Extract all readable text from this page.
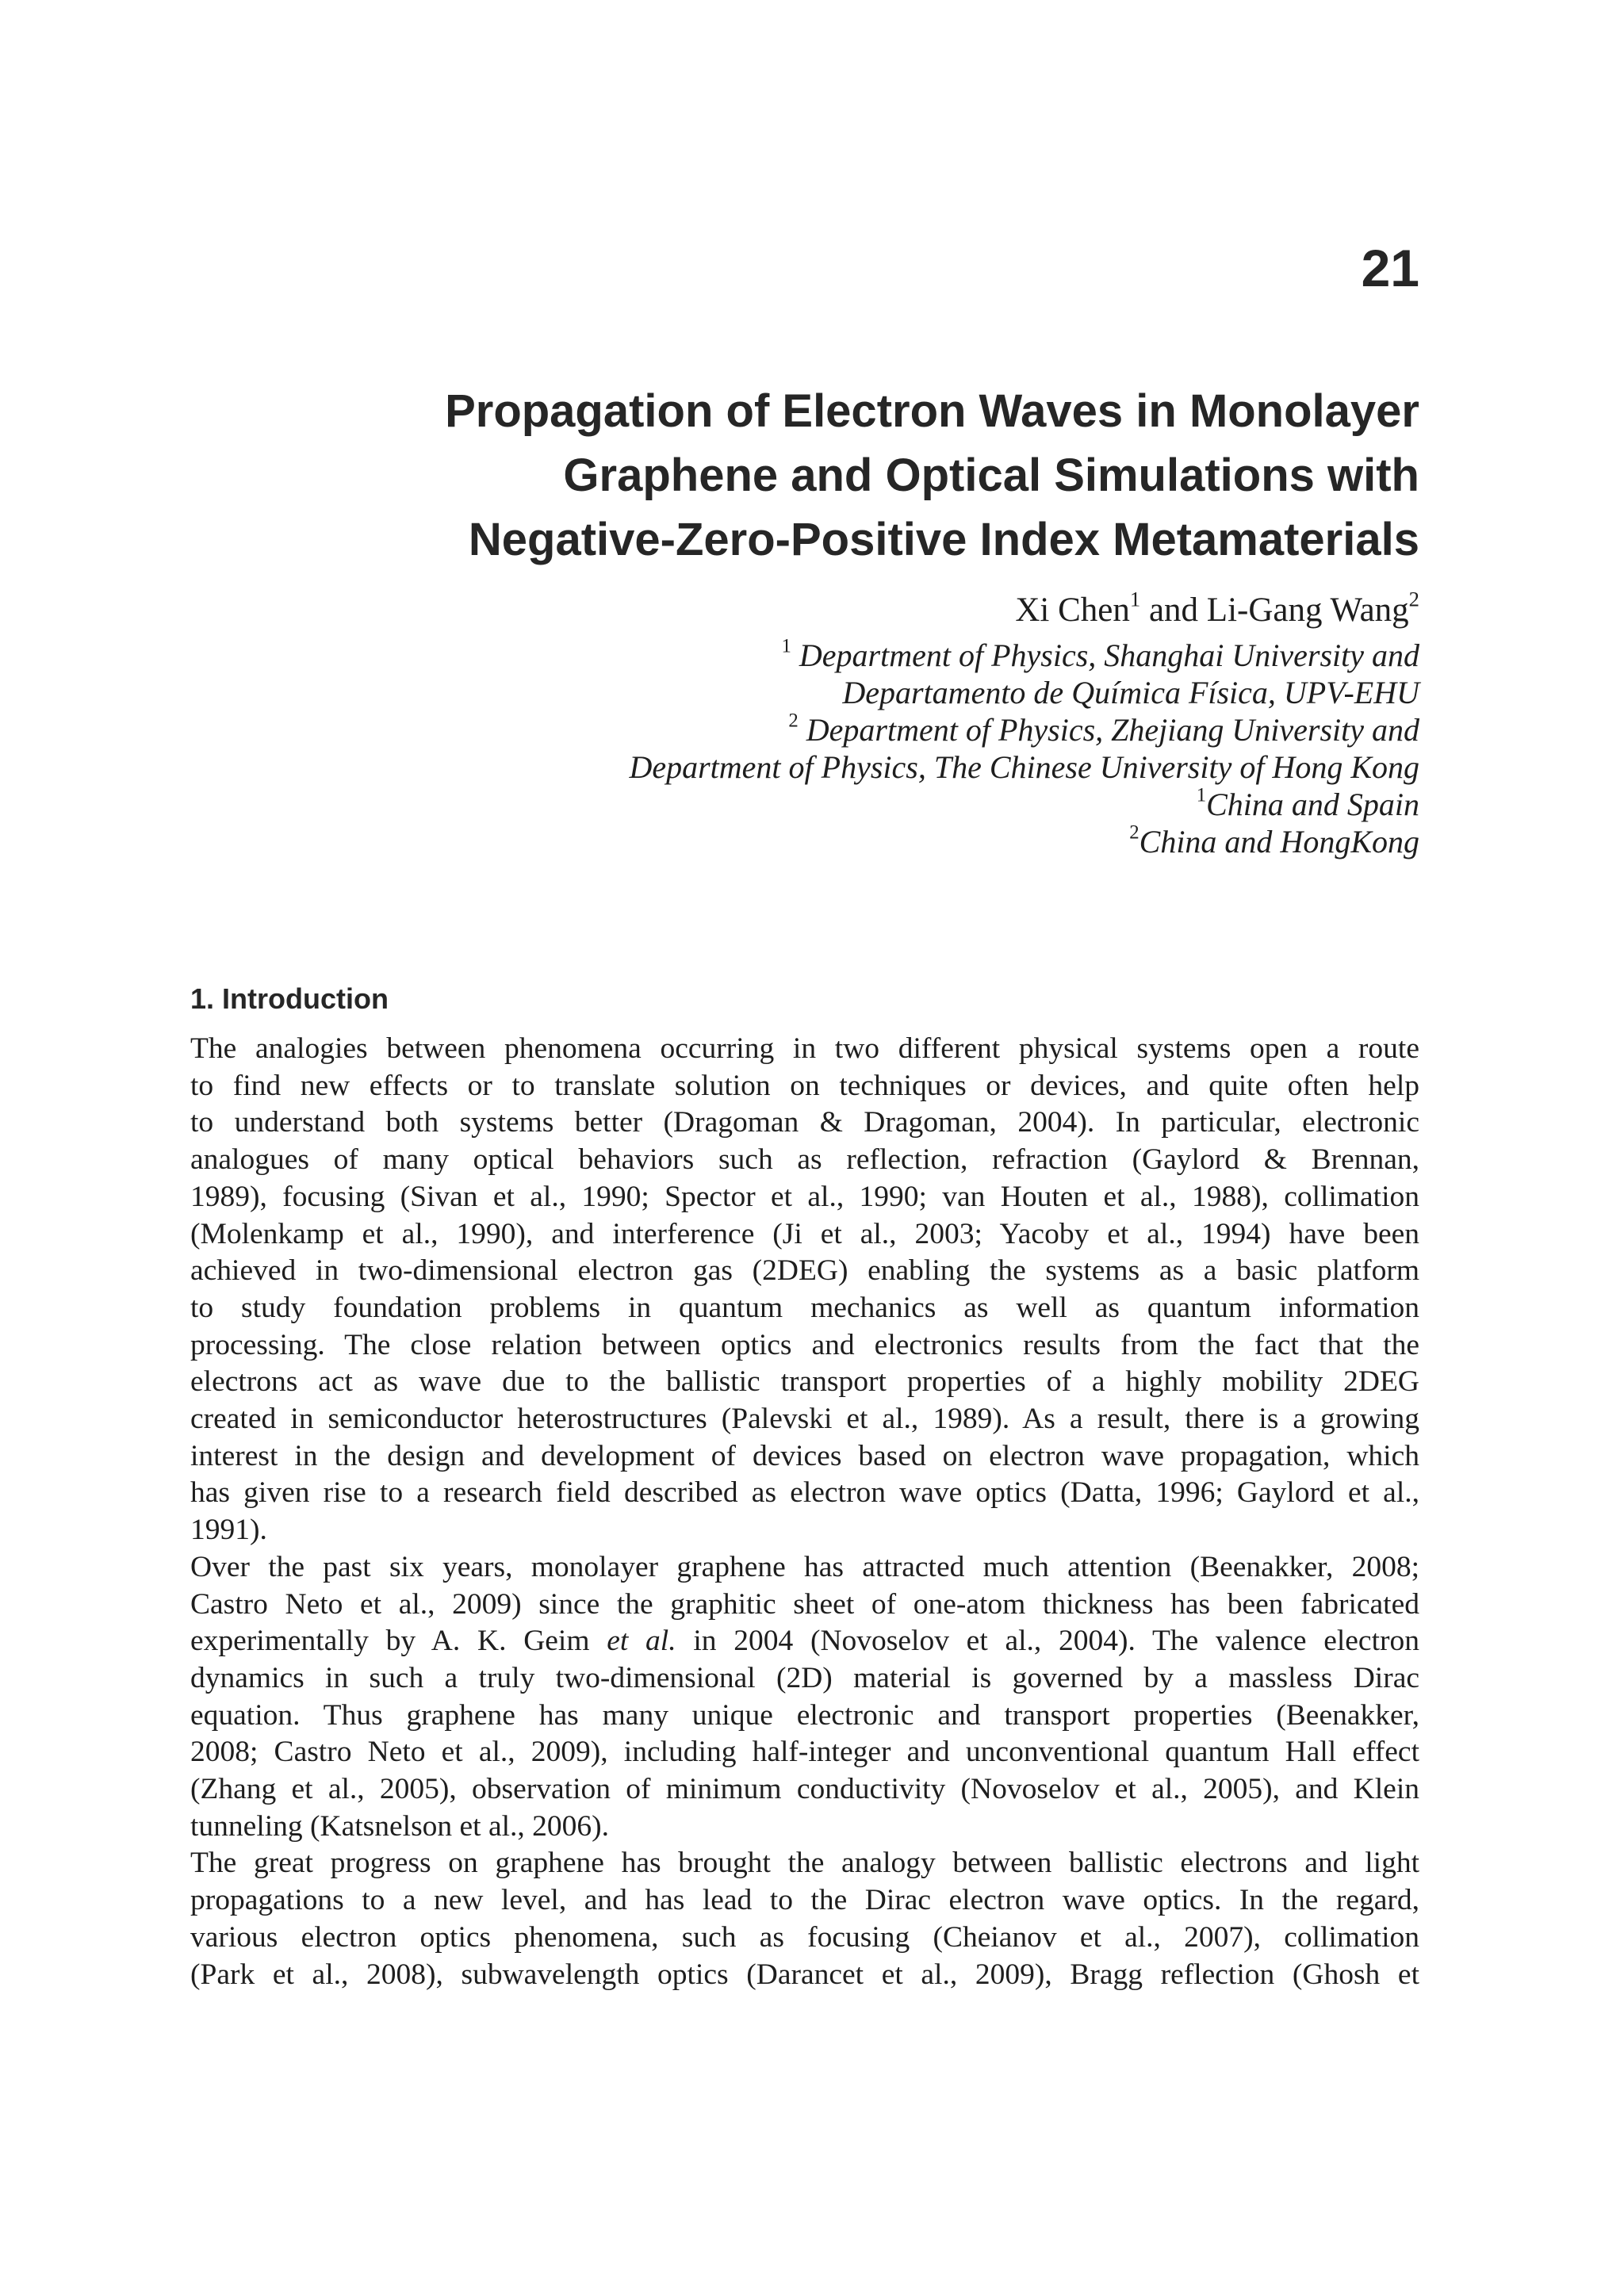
21
Propagation of Electron Waves in Monolayer
Graphene and Optical Simulations with
Negative-Zero-Positive Index Metamaterials
Xi Chen$^1$ and Li-Gang Wang$^2$
$^1$ Department of Physics, Shanghai University and
Departamento de Química Física, UPV-EHU
$^2$ Department of Physics, Zhejiang University and
Department of Physics, The Chinese University of Hong Kong
$^1$China and Spain
$^2$China and HongKong
1. Introduction
The analogies between phenomena occurring in two different physical systems open a route
to find new effects or to translate solution on techniques or devices, and quite often help
to understand both systems better (Dragoman & Dragoman, 2004). In particular, electronic
analogues of many optical behaviors such as reflection, refraction (Gaylord & Brennan,
1989), focusing (Sivan et al., 1990; Spector et al., 1990; van Houten et al., 1988), collimation
(Molenkamp et al., 1990), and interference (Ji et al., 2003; Yacoby et al., 1994) have been
achieved in two-dimensional electron gas (2DEG) enabling the systems as a basic platform
to study foundation problems in quantum mechanics as well as quantum information
processing. The close relation between optics and electronics results from the fact that the
electrons act as wave due to the ballistic transport properties of a highly mobility 2DEG
created in semiconductor heterostructures (Palevski et al., 1989). As a result, there is a growing
interest in the design and development of devices based on electron wave propagation, which
has given rise to a research field described as electron wave optics (Datta, 1996; Gaylord et al.,
1991).
Over the past six years, monolayer graphene has attracted much attention (Beenakker, 2008;
Castro Neto et al., 2009) since the graphitic sheet of one-atom thickness has been fabricated
experimentally by A. K. Geim et al. in 2004 (Novoselov et al., 2004). The valence electron
dynamics in such a truly two-dimensional (2D) material is governed by a massless Dirac
equation. Thus graphene has many unique electronic and transport properties (Beenakker,
2008; Castro Neto et al., 2009), including half-integer and unconventional quantum Hall effect
(Zhang et al., 2005), observation of minimum conductivity (Novoselov et al., 2005), and Klein
tunneling (Katsnelson et al., 2006).
The great progress on graphene has brought the analogy between ballistic electrons and light
propagations to a new level, and has lead to the Dirac electron wave optics. In the regard,
various electron optics phenomena, such as focusing (Cheianov et al., 2007), collimation
(Park et al., 2008), subwavelength optics (Darancet et al., 2009), Bragg reflection (Ghosh et
